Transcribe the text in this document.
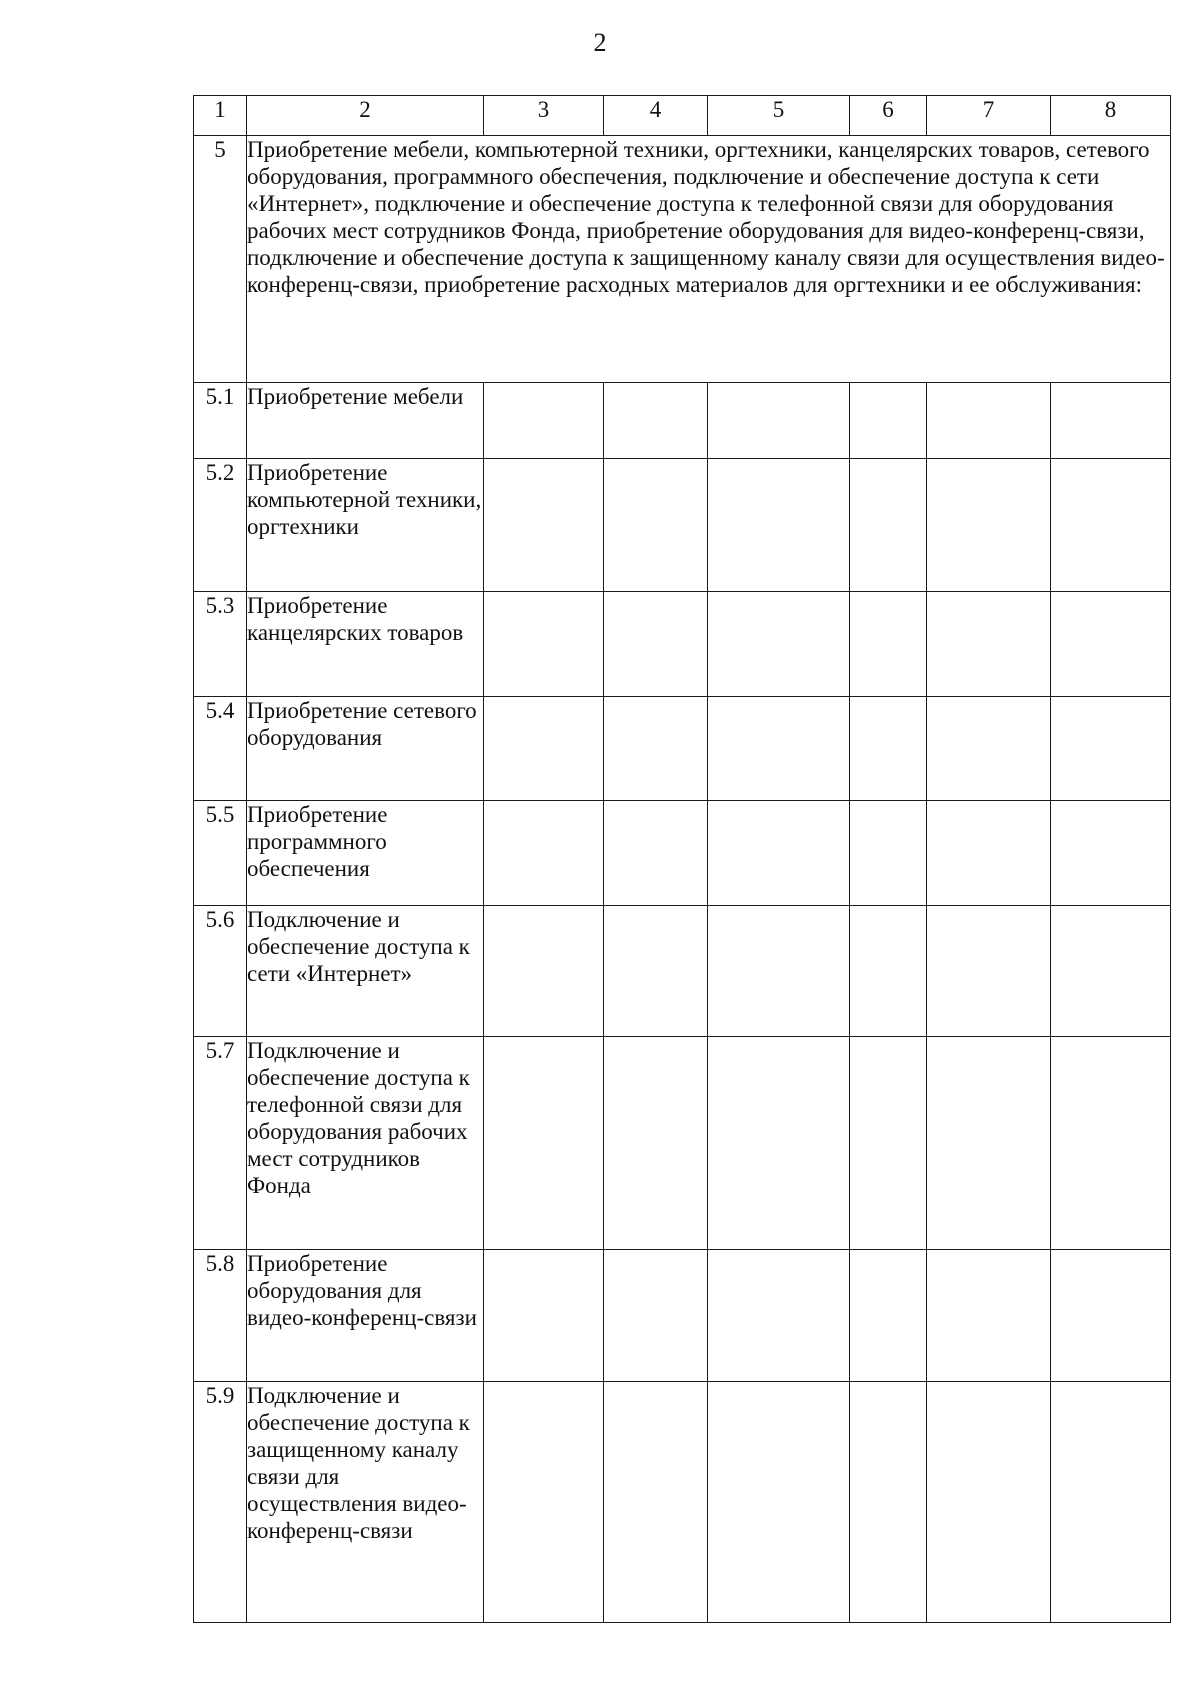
2
1	2	3	4	5	6	7	8
5	Приобретение мебели, компьютерной техники, оргтехники, канцелярских товаров, сетевого оборудования, программного обеспечения, подключение и обеспечение доступа к сети «Интернет», подключение и обеспечение доступа к телефонной связи для оборудования рабочих мест сотрудников Фонда, приобретение оборудования для видео-конференц-связи, подключение и обеспечение доступа к защищенному каналу связи для осуществления видео-конференц-связи, приобретение расходных материалов для оргтехники и ее обслуживания:						
5.1	Приобретение мебели						
5.2	Приобретение компьютерной техники, оргтехники						
5.3	Приобретение канцелярских товаров						
5.4	Приобретение сетевого оборудования						
5.5	Приобретение программного обеспечения						
5.6	Подключение и обеспечение доступа к сети «Интернет»						
5.7	Подключение и обеспечение доступа к телефонной связи для оборудования рабочих мест сотрудников Фонда						
5.8	Приобретение оборудования для видео-конференц-связи						
5.9	Подключение и обеспечение доступа к защищенному каналу связи для осуществления видео-конференц-связи						
